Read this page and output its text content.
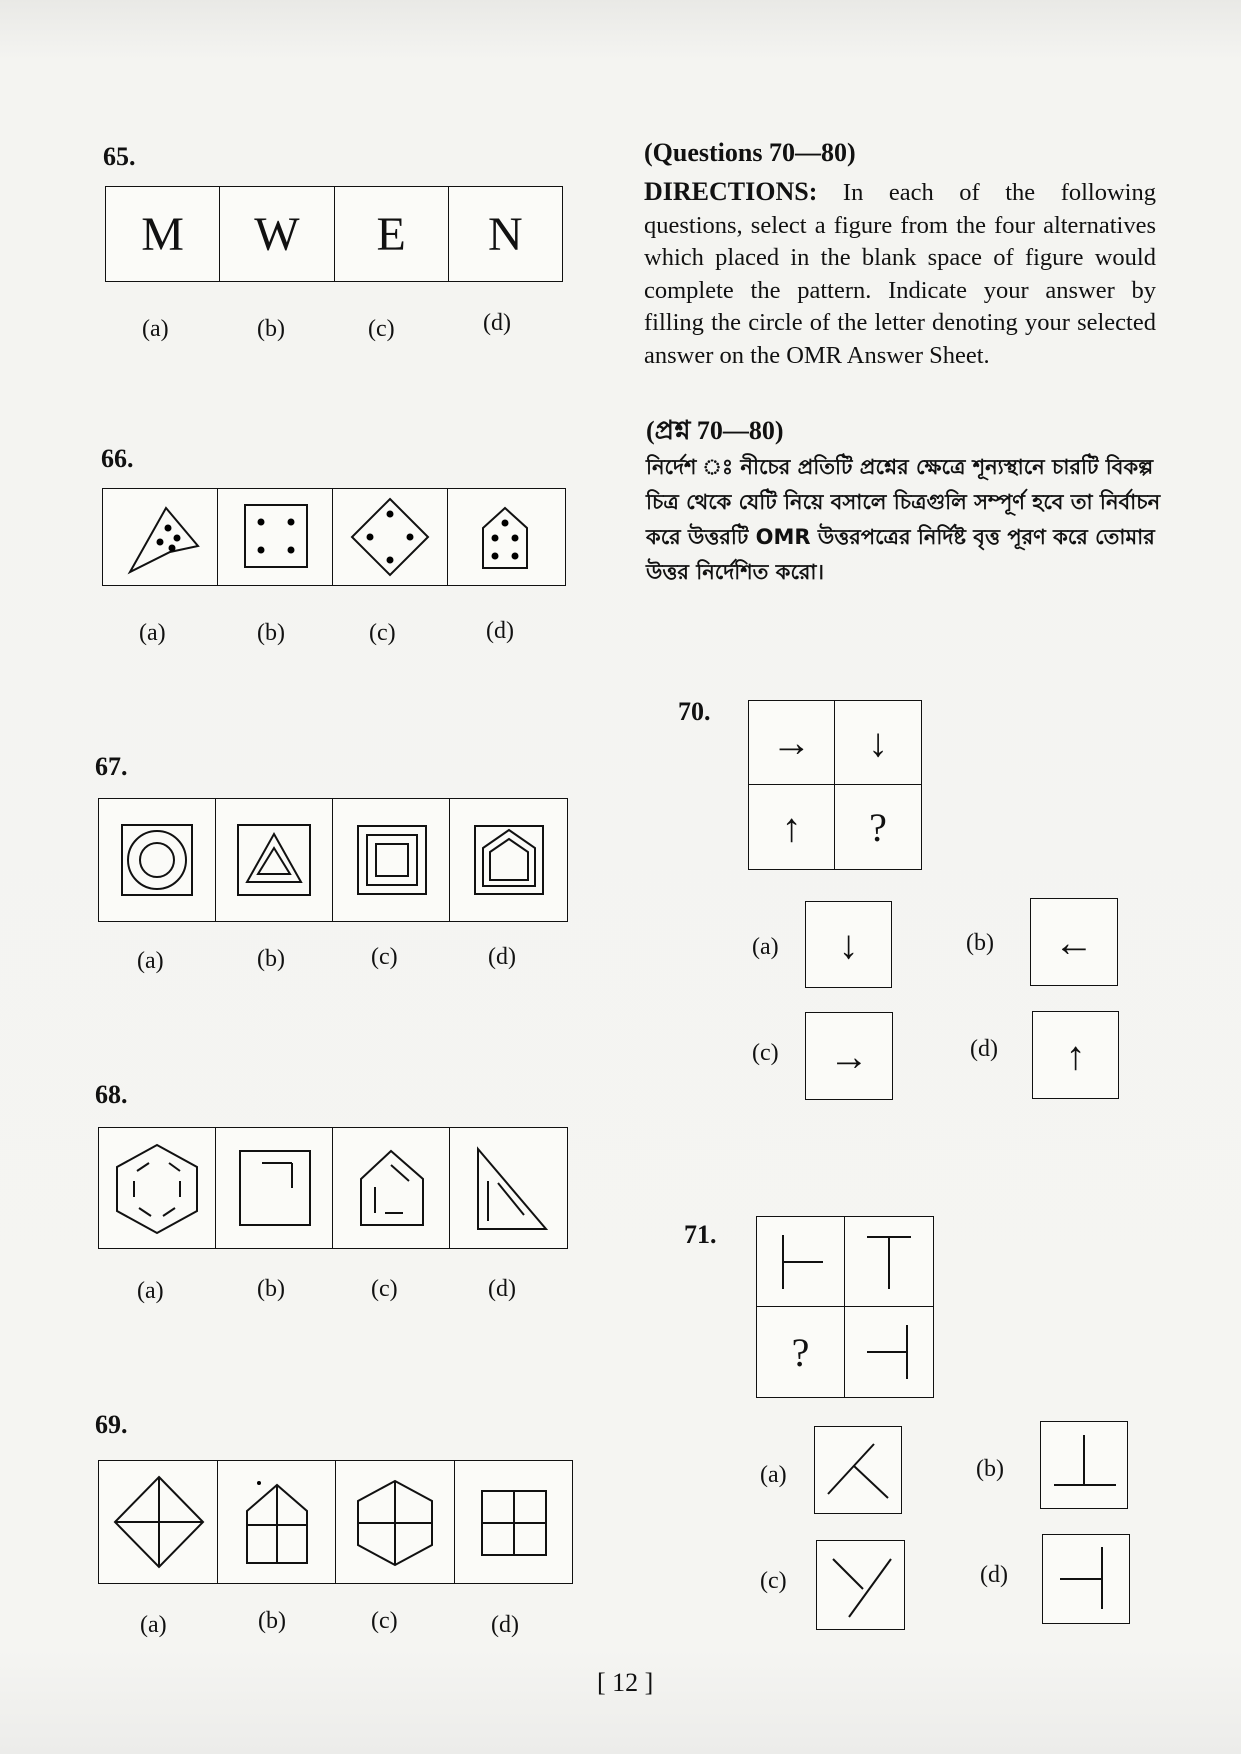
65.
M W E N
(a)	(b)	(c)	(d)
66.
(a)	(b)	(c)	(d)
67.
(a)	(b)	(c)	(d)
68.
(a)	(b)	(c)	(d)
69.
(a)	(b)	(c)	(d)
(Questions 70—80)
DIRECTIONS: In each of the following questions, select a figure from the four alternatives which placed in the blank space of figure would complete the pattern. Indicate your answer by filling the circle of the letter denoting your selected answer on the OMR Answer Sheet.
(প্রশ্ন 70—80)
নির্দেশ ঃ নীচের প্রতিটি প্রশ্নের ক্ষেত্রে শূন্যস্থানে চারটি বিকল্প চিত্র থেকে যেটি নিয়ে বসালে চিত্রগুলি সম্পূর্ণ হবে তা নির্বাচন করে উত্তরটি OMR উত্তরপত্রের নির্দিষ্ট বৃত্ত পূরণ করে তোমার উত্তর নির্দেশিত করো।
70.
→	↓
↑	?
(a)	↓	(b)	←
(c)	→	(d)	↑
71.
?
(a)	(b)
(c)	(d)
[ 12 ]
